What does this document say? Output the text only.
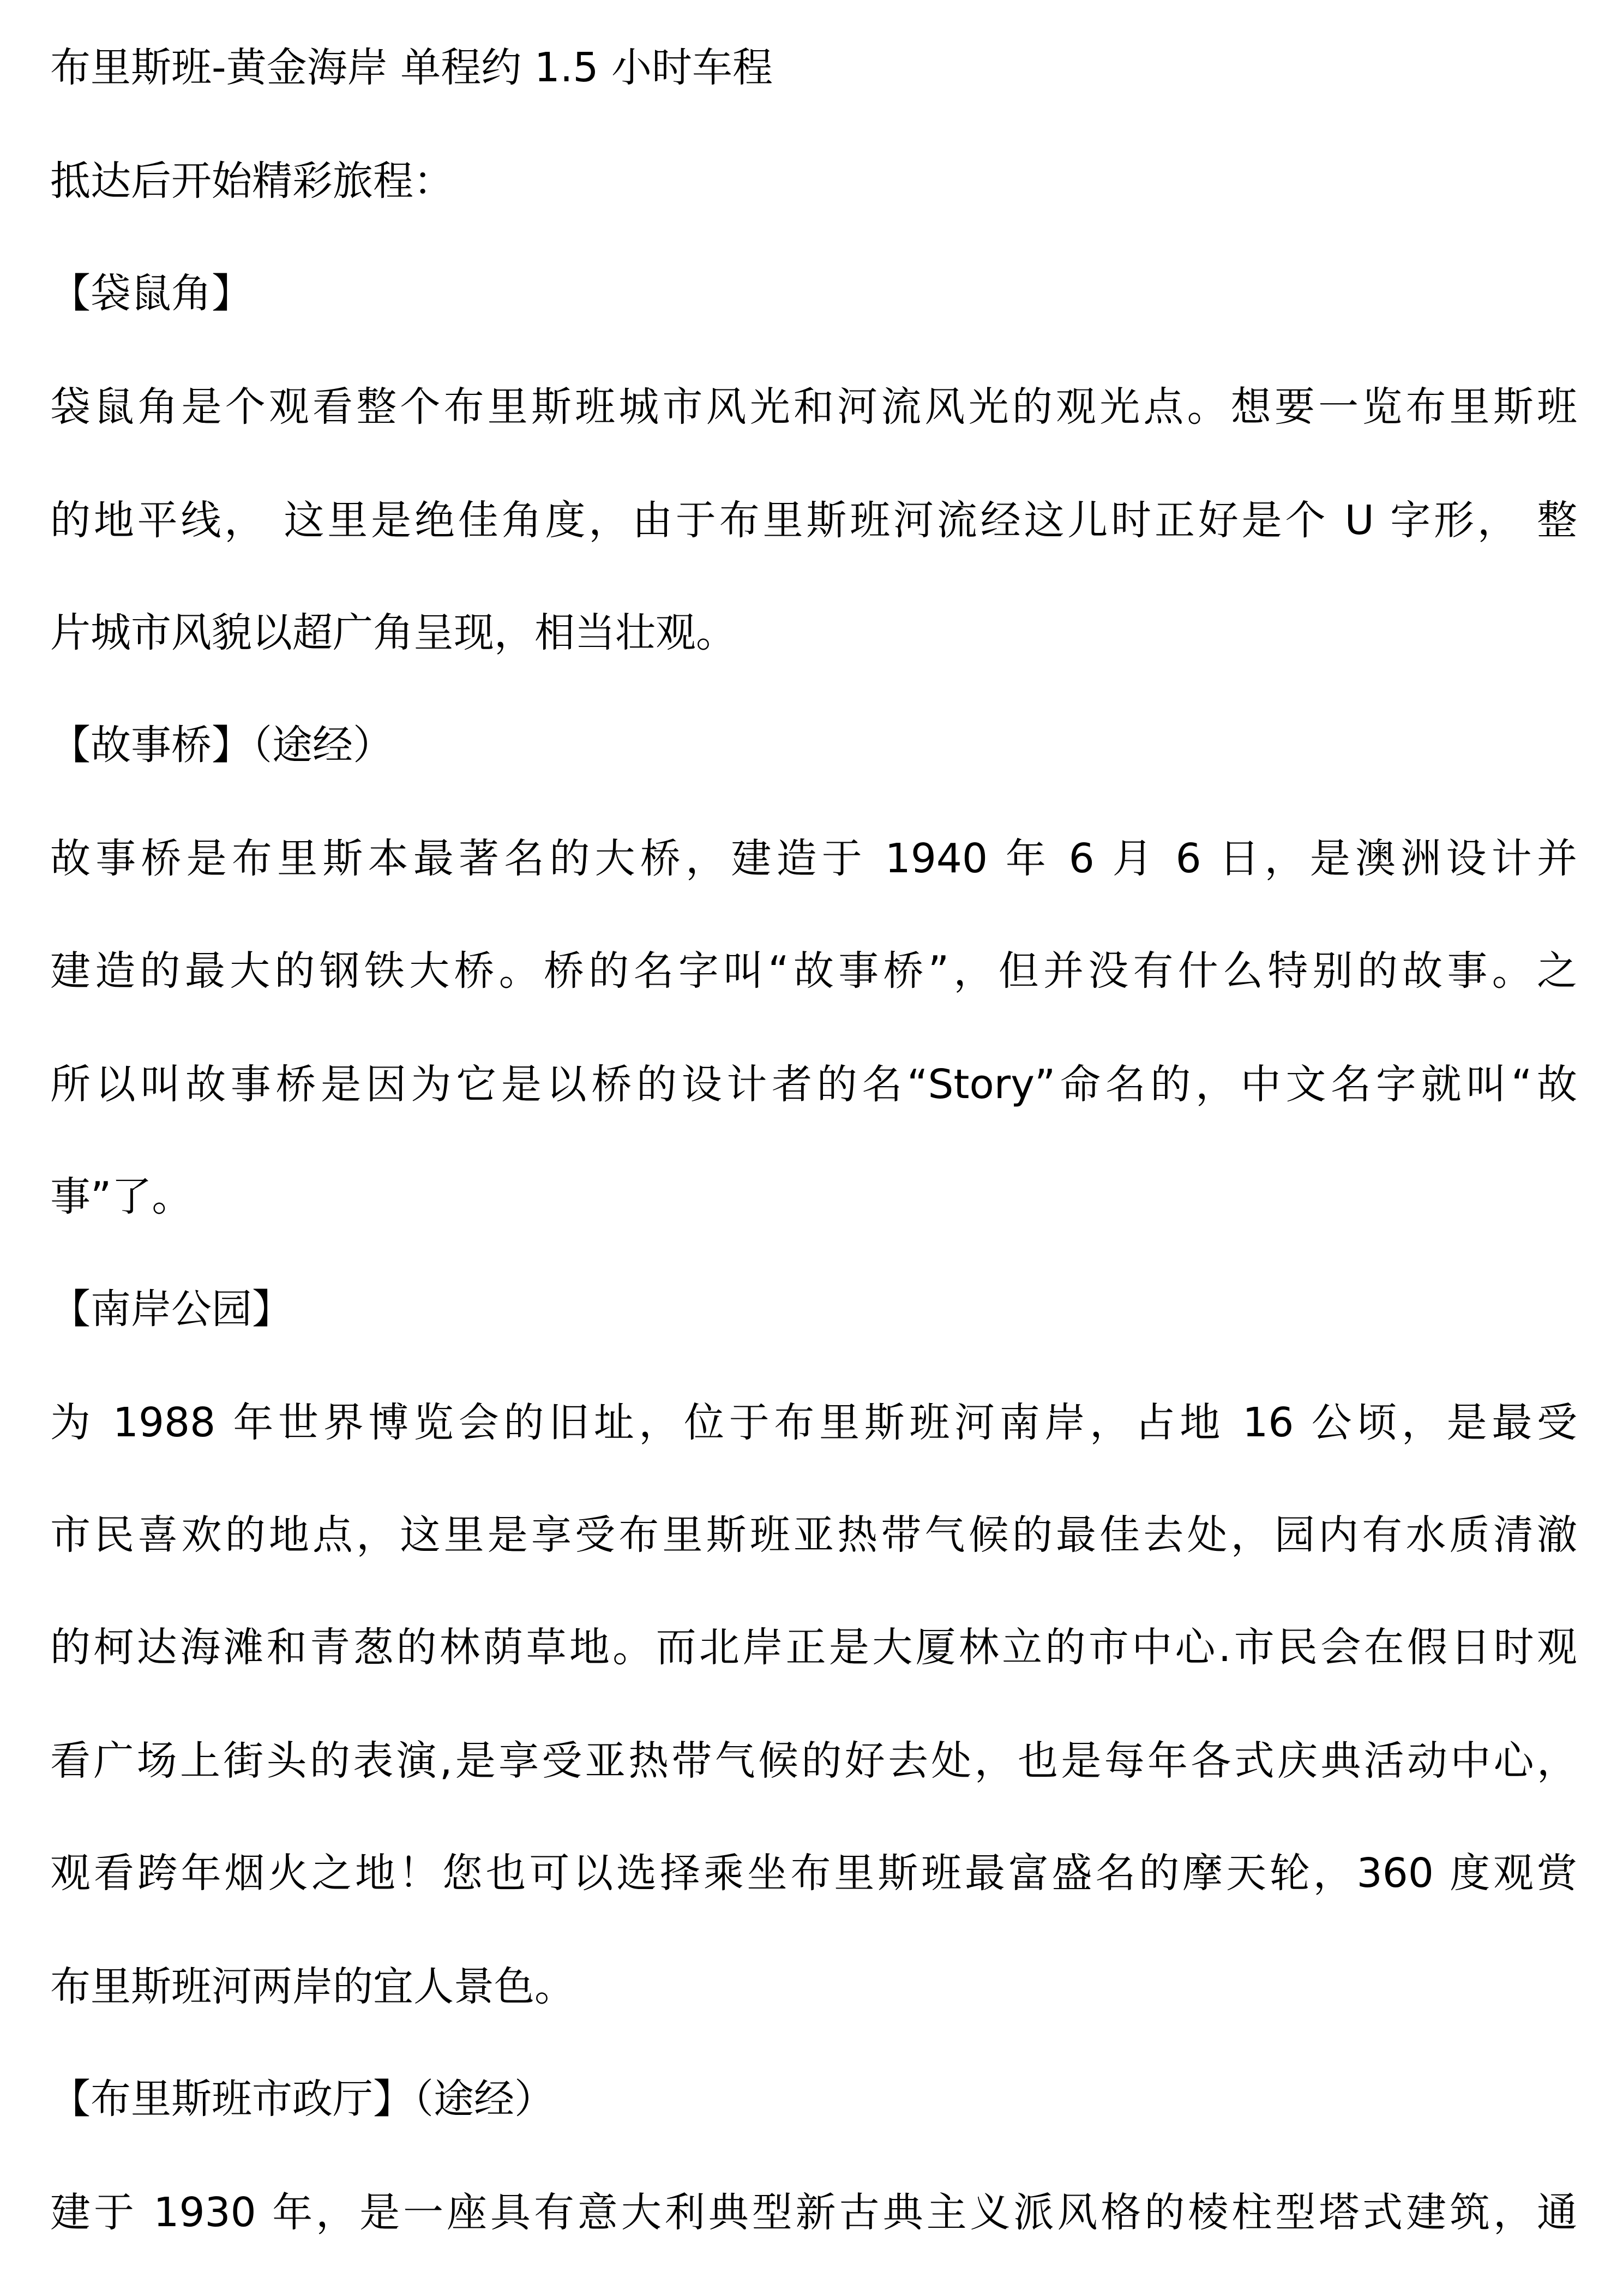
布里斯班-黄金海岸 单程约 1.5 小时车程
抵达后开始精彩旅程：
【袋鼠角】
袋鼠角是个观看整个布里斯班城市风光和河流风光的观光点。想要一览布里斯班
的地平线， 这里是绝佳角度，由于布里斯班河流经这儿时正好是个 U 字形， 整
片城市风貌以超广角呈现，相当壮观。
【故事桥】（途经）
故事桥是布里斯本最著名的大桥，建造于 1940 年 6 月 6 日，是澳洲设计并
建造的最大的钢铁大桥。桥的名字叫“故事桥”，但并没有什么特别的故事。之
所以叫故事桥是因为它是以桥的设计者的名“Story”命名的，中文名字就叫“故
事”了。
【南岸公园】
为 1988 年世界博览会的旧址，位于布里斯班河南岸，占地 16 公顷，是最受
市民喜欢的地点，这里是享受布里斯班亚热带气候的最佳去处，园内有水质清澈
的柯达海滩和青葱的林荫草地。而北岸正是大厦林立的市中心.市民会在假日时观
看广场上街头的表演,是享受亚热带气候的好去处，也是每年各式庆典活动中心，
观看跨年烟火之地！您也可以选择乘坐布里斯班最富盛名的摩天轮，360 度观赏
布里斯班河两岸的宜人景色。
【布里斯班市政厅】（途经）
建于 1930 年，是一座具有意大利典型新古典主义派风格的棱柱型塔式建筑，通
